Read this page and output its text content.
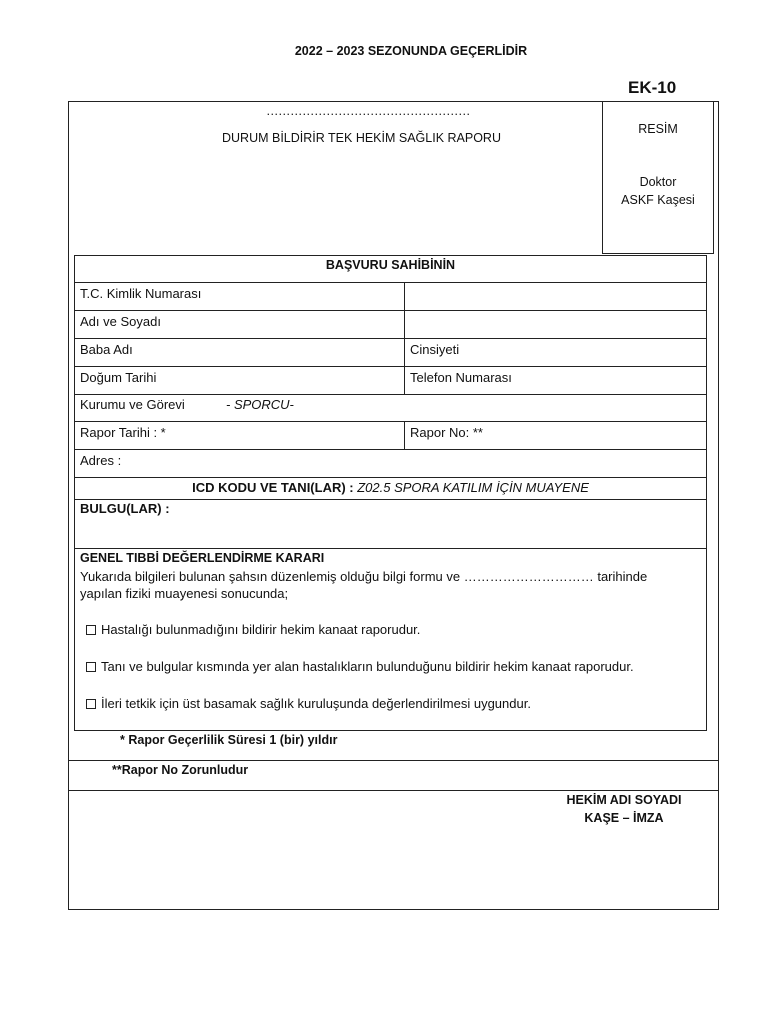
2022 – 2023 SEZONUNDA GEÇERLİDİR
EK-10
RESİM
Doktor
ASKF Kaşesi
……………………………………………
DURUM BİLDİRİR TEK HEKİM SAĞLIK RAPORU
BAŞVURU SAHİBİNİN
T.C. Kimlik Numarası
Adı ve Soyadı
Baba Adı	Cinsiyeti
Doğum Tarihi	Telefon Numarası
Kurumu ve Görevi	- SPORCU-
Rapor Tarihi : *	Rapor No: **
Adres :
ICD KODU VE TANI(LAR) : Z02.5 SPORA KATILIM İÇİN MUAYENE
BULGU(LAR) :
GENEL TIBBİ DEĞERLENDİRME KARARI
Yukarıda bilgileri bulunan şahsın düzenlemiş olduğu bilgi formu ve ………………………… tarihinde
yapılan fiziki muayenesi sonucunda;
Hastalığı bulunmadığını bildirir hekim kanaat raporudur.
Tanı ve bulgular kısmında yer alan hastalıkların bulunduğunu bildirir hekim kanaat raporudur.
İleri tetkik için üst basamak sağlık kuruluşunda değerlendirilmesi uygundur.
* Rapor Geçerlilik Süresi 1 (bir) yıldır
**Rapor No Zorunludur
HEKİM ADI SOYADI
KAŞE – İMZA
